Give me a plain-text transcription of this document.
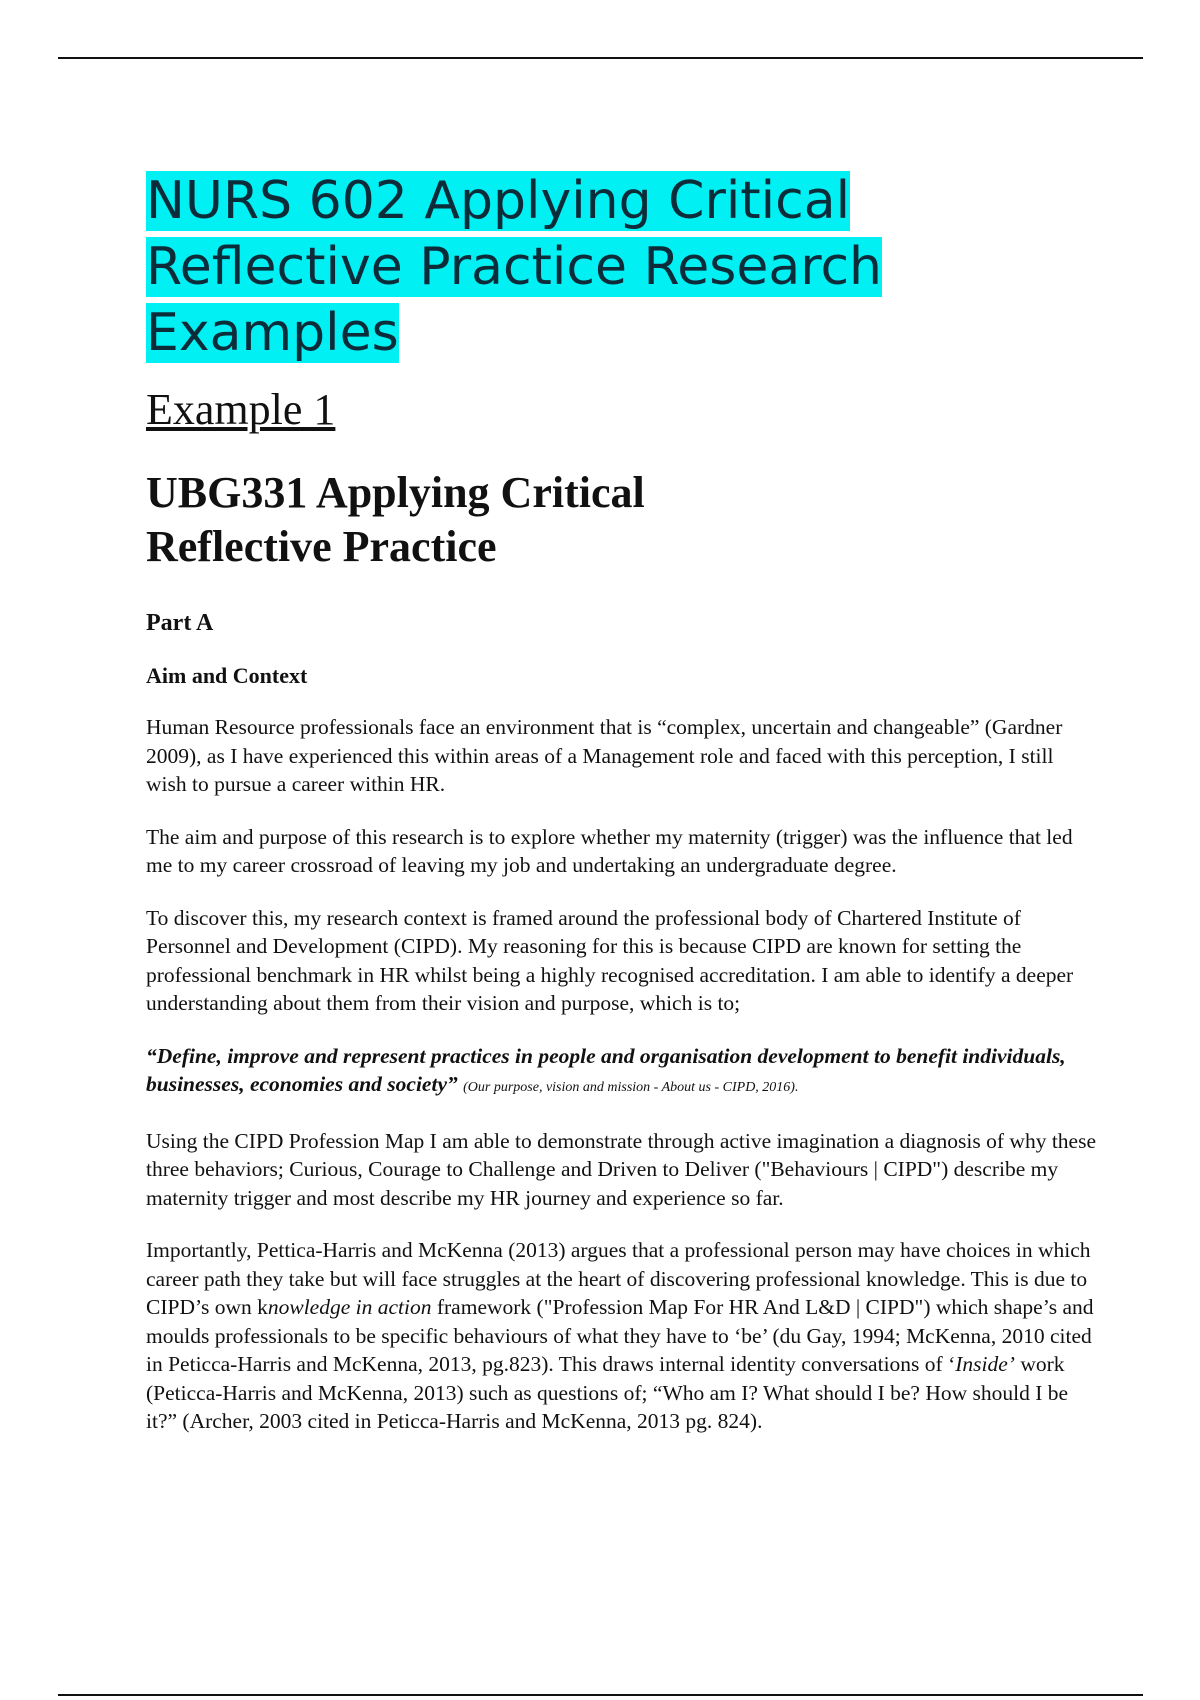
NURS 602 Applying Critical Reflective Practice Research Examples
Example 1
UBG331 Applying Critical Reflective Practice
Part A
Aim and Context

Human Resource professionals face an environment that is “complex, uncertain and changeable” (Gardner 2009), as I have experienced this within areas of a Management role and faced with this perception, I still wish to pursue a career within HR.

The aim and purpose of this research is to explore whether my maternity (trigger) was the influence that led me to my career crossroad of leaving my job and undertaking an undergraduate degree.

To discover this, my research context is framed around the professional body of Chartered Institute of Personnel and Development (CIPD). My reasoning for this is because CIPD are known for setting the professional benchmark in HR whilst being a highly recognised accreditation. I am able to identify a deeper understanding about them from their vision and purpose, which is to;

“Define, improve and represent practices in people and organisation development to benefit individuals, businesses, economies and society” (Our purpose, vision and mission - About us - CIPD, 2016).

Using the CIPD Profession Map I am able to demonstrate through active imagination a diagnosis of why these three behaviors; Curious, Courage to Challenge and Driven to Deliver ("Behaviours | CIPD") describe my maternity trigger and most describe my HR journey and experience so far.

Importantly, Pettica-Harris and McKenna (2013) argues that a professional person may have choices in which career path they take but will face struggles at the heart of discovering professional knowledge. This is due to CIPD’s own knowledge in action framework ("Profession Map For HR And L&D | CIPD") which shape’s and moulds professionals to be specific behaviours of what they have to ‘be’ (du Gay, 1994; McKenna, 2010 cited in Peticca-Harris and McKenna, 2013, pg.823). This draws internal identity conversations of ‘Inside’ work (Peticca-Harris and McKenna, 2013) such as questions of; “Who am I? What should I be? How should I be it?” (Archer, 2003 cited in Peticca-Harris and McKenna, 2013 pg. 824).
